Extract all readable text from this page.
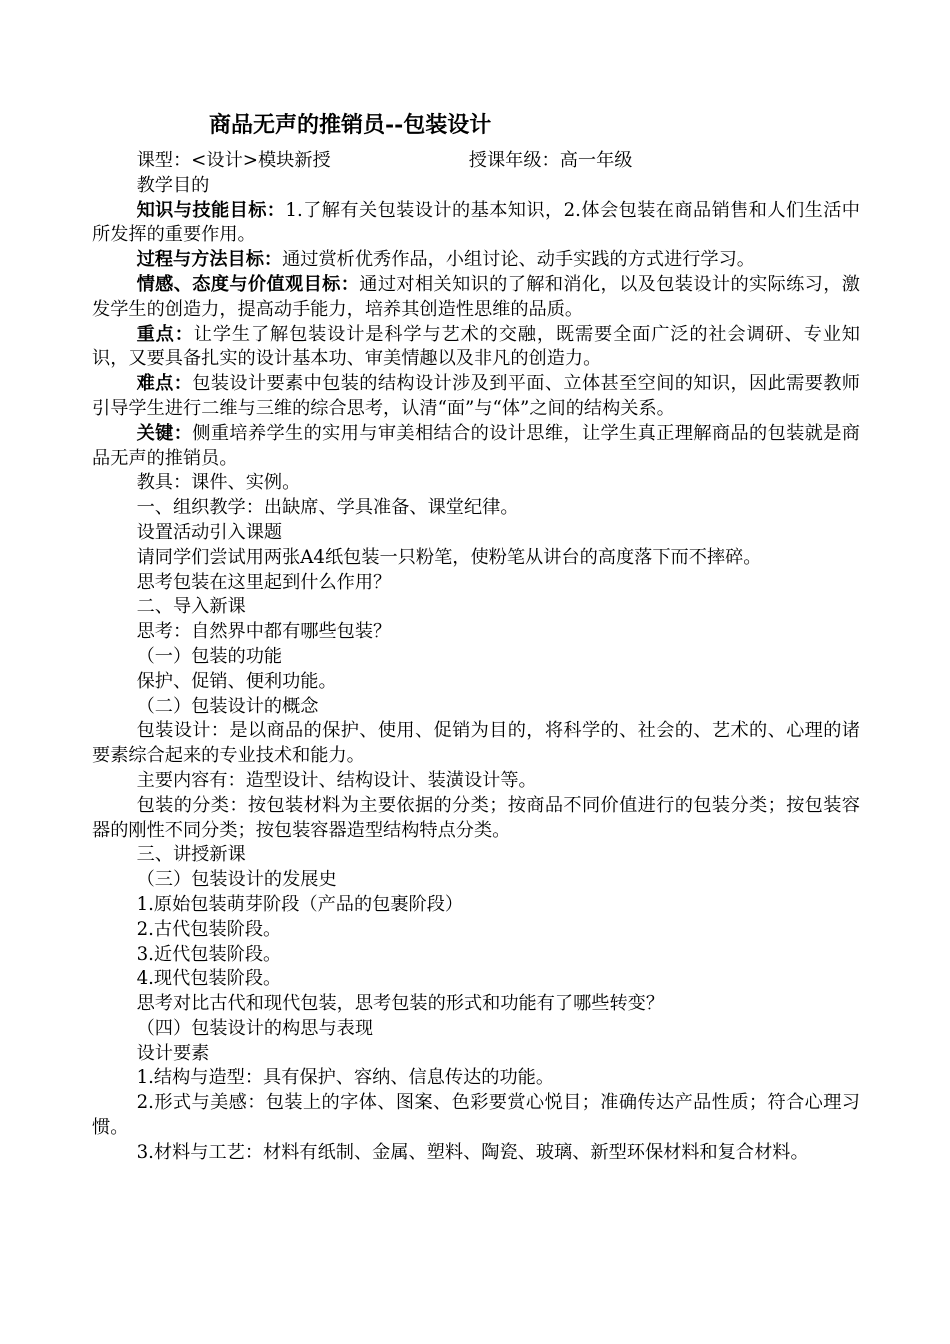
商品无声的推销员--包装设计

课型：<设计>模块新授	授课年级：高一年级

教学目的

知识与技能目标：1.了解有关包装设计的基本知识，2.体会包装在商品销售和人们生活中所发挥的重要作用。

过程与方法目标：通过赏析优秀作品，小组讨论、动手实践的方式进行学习。

情感、态度与价值观目标：通过对相关知识的了解和消化，以及包装设计的实际练习，激发学生的创造力，提高动手能力，培养其创造性思维的品质。

重点：让学生了解包装设计是科学与艺术的交融，既需要全面广泛的社会调研、专业知识，又要具备扎实的设计基本功、审美情趣以及非凡的创造力。

难点：包装设计要素中包装的结构设计涉及到平面、立体甚至空间的知识，因此需要教师引导学生进行二维与三维的综合思考，认清“面”与“体”之间的结构关系。

关键：侧重培养学生的实用与审美相结合的设计思维，让学生真正理解商品的包装就是商品无声的推销员。

教具：课件、实例。

一、组织教学：出缺席、学具准备、课堂纪律。

设置活动引入课题

请同学们尝试用两张A4纸包装一只粉笔，使粉笔从讲台的高度落下而不摔碎。

思考包装在这里起到什么作用？

二、导入新课

思考：自然界中都有哪些包装？

（一）包装的功能

保护、促销、便利功能。

（二）包装设计的概念

包装设计：是以商品的保护、使用、促销为目的，将科学的、社会的、艺术的、心理的诸要素综合起来的专业技术和能力。

主要内容有：造型设计、结构设计、装潢设计等。

包装的分类：按包装材料为主要依据的分类；按商品不同价值进行的包装分类；按包装容器的刚性不同分类；按包装容器造型结构特点分类。

三、讲授新课

（三）包装设计的发展史

1.原始包装萌芽阶段（产品的包裹阶段）

2.古代包装阶段。

3.近代包装阶段。

4.现代包装阶段。

思考对比古代和现代包装，思考包装的形式和功能有了哪些转变？

（四）包装设计的构思与表现

设计要素

1.结构与造型：具有保护、容纳、信息传达的功能。

2.形式与美感：包装上的字体、图案、色彩要赏心悦目；准确传达产品性质；符合心理习惯。

3.材料与工艺：材料有纸制、金属、塑料、陶瓷、玻璃、新型环保材料和复合材料。
